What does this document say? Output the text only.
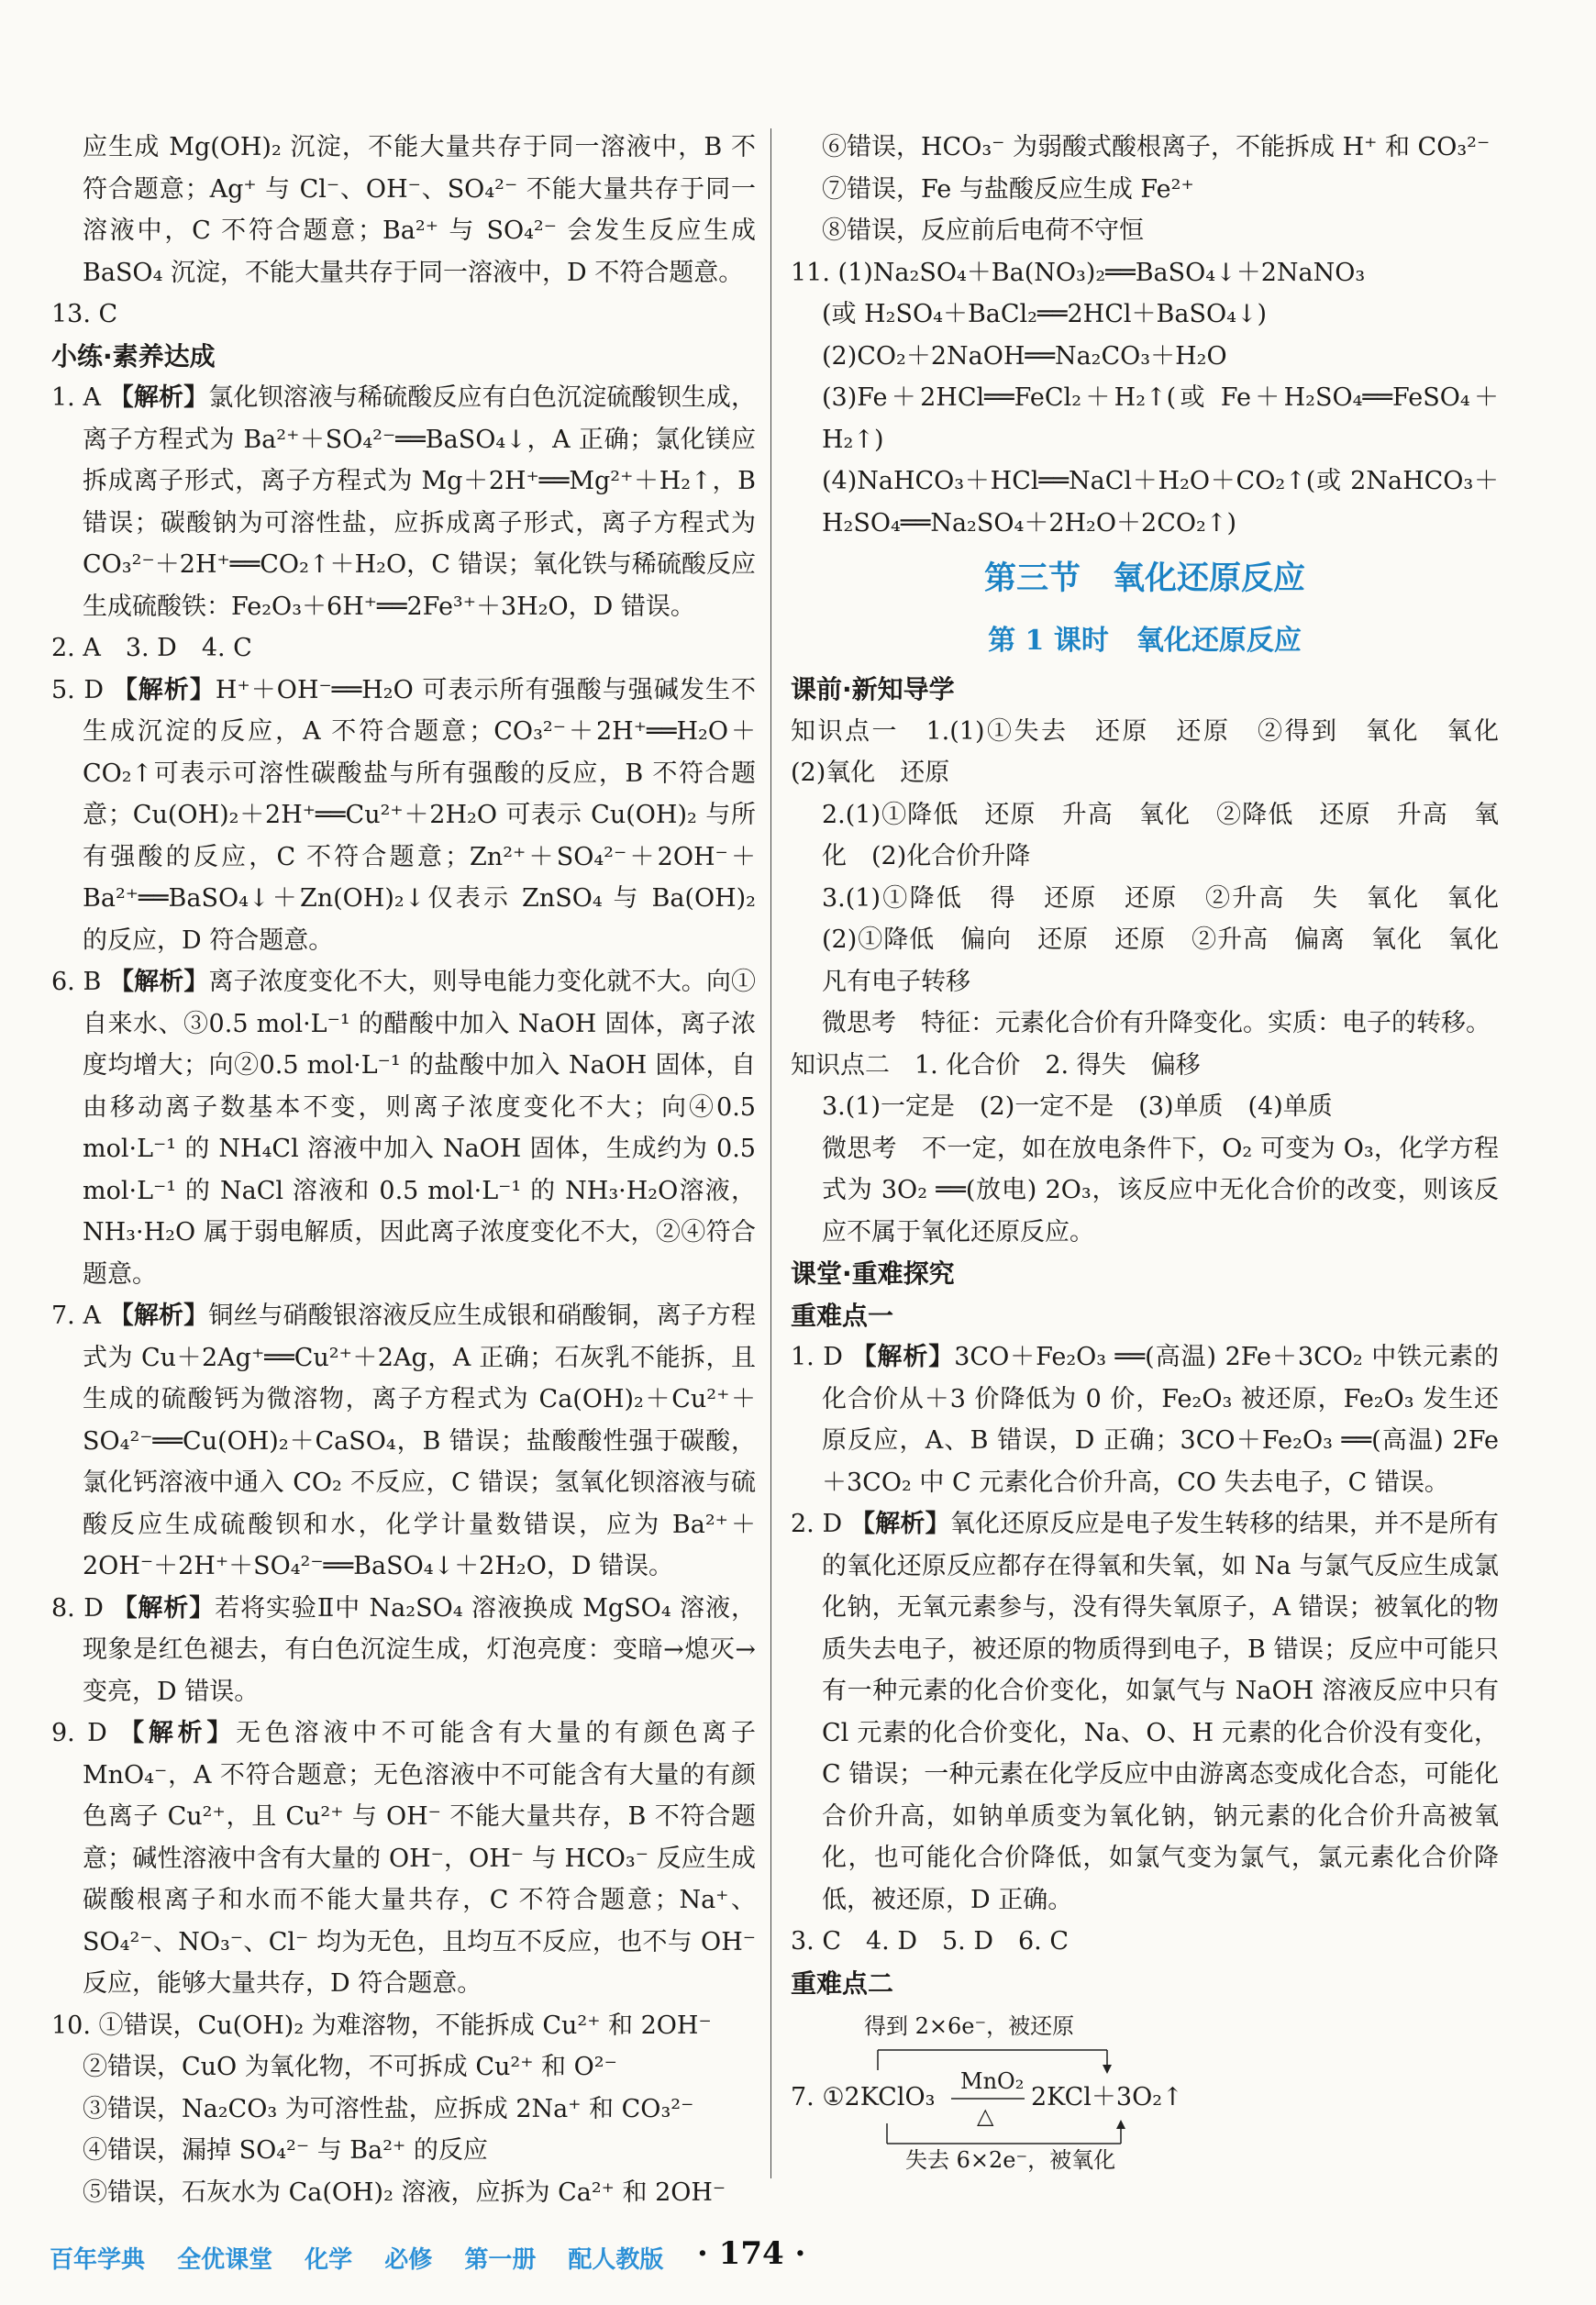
应生成 Mg(OH)₂ 沉淀，不能大量共存于同一溶液中，B 不符合题意；Ag⁺ 与 Cl⁻、OH⁻、SO₄²⁻ 不能大量共存于同一溶液中，C 不符合题意；Ba²⁺ 与 SO₄²⁻ 会发生反应生成 BaSO₄ 沉淀，不能大量共存于同一溶液中，D 不符合题意。

13. C

小练·素养达成

1. A 【解析】氯化钡溶液与稀硫酸反应有白色沉淀硫酸钡生成，离子方程式为 Ba²⁺＋SO₄²⁻══BaSO₄↓，A 正确；氯化镁应拆成离子形式，离子方程式为 Mg＋2H⁺══Mg²⁺＋H₂↑，B 错误；碳酸钠为可溶性盐，应拆成离子形式，离子方程式为 CO₃²⁻＋2H⁺══CO₂↑＋H₂O，C 错误；氧化铁与稀硫酸反应生成硫酸铁：Fe₂O₃＋6H⁺══2Fe³⁺＋3H₂O，D 错误。

2. A　3. D　4. C

5. D 【解析】H⁺＋OH⁻══H₂O 可表示所有强酸与强碱发生不生成沉淀的反应，A 不符合题意；CO₃²⁻＋2H⁺══H₂O＋CO₂↑可表示可溶性碳酸盐与所有强酸的反应，B 不符合题意；Cu(OH)₂＋2H⁺══Cu²⁺＋2H₂O 可表示 Cu(OH)₂ 与所有强酸的反应，C 不符合题意；Zn²⁺＋SO₄²⁻＋2OH⁻＋Ba²⁺══BaSO₄↓＋Zn(OH)₂↓仅表示 ZnSO₄ 与 Ba(OH)₂ 的反应，D 符合题意。

6. B 【解析】离子浓度变化不大，则导电能力变化就不大。向①自来水、③0.5 mol·L⁻¹ 的醋酸中加入 NaOH 固体，离子浓度均增大；向②0.5 mol·L⁻¹ 的盐酸中加入 NaOH 固体，自由移动离子数基本不变，则离子浓度变化不大；向④0.5 mol·L⁻¹ 的 NH₄Cl 溶液中加入 NaOH 固体，生成约为 0.5 mol·L⁻¹ 的 NaCl 溶液和 0.5 mol·L⁻¹ 的 NH₃·H₂O溶液，NH₃·H₂O 属于弱电解质，因此离子浓度变化不大，②④符合题意。

7. A 【解析】铜丝与硝酸银溶液反应生成银和硝酸铜，离子方程式为 Cu＋2Ag⁺══Cu²⁺＋2Ag，A 正确；石灰乳不能拆，且生成的硫酸钙为微溶物，离子方程式为 Ca(OH)₂＋Cu²⁺＋SO₄²⁻══Cu(OH)₂＋CaSO₄，B 错误；盐酸酸性强于碳酸，氯化钙溶液中通入 CO₂ 不反应，C 错误；氢氧化钡溶液与硫酸反应生成硫酸钡和水，化学计量数错误，应为 Ba²⁺＋2OH⁻＋2H⁺＋SO₄²⁻══BaSO₄↓＋2H₂O，D 错误。

8. D 【解析】若将实验Ⅱ中 Na₂SO₄ 溶液换成 MgSO₄ 溶液，现象是红色褪去，有白色沉淀生成，灯泡亮度：变暗→熄灭→变亮，D 错误。

9. D 【解析】无色溶液中不可能含有大量的有颜色离子 MnO₄⁻，A 不符合题意；无色溶液中不可能含有大量的有颜色离子 Cu²⁺，且 Cu²⁺ 与 OH⁻ 不能大量共存，B 不符合题意；碱性溶液中含有大量的 OH⁻，OH⁻ 与 HCO₃⁻ 反应生成碳酸根离子和水而不能大量共存，C 不符合题意；Na⁺、SO₄²⁻、NO₃⁻、Cl⁻ 均为无色，且均互不反应，也不与 OH⁻ 反应，能够大量共存，D 符合题意。

10. ①错误，Cu(OH)₂ 为难溶物，不能拆成 Cu²⁺ 和 2OH⁻

②错误，CuO 为氧化物，不可拆成 Cu²⁺ 和 O²⁻

③错误，Na₂CO₃ 为可溶性盐，应拆成 2Na⁺ 和 CO₃²⁻

④错误，漏掉 SO₄²⁻ 与 Ba²⁺ 的反应

⑤错误，石灰水为 Ca(OH)₂ 溶液，应拆为 Ca²⁺ 和 2OH⁻

⑥错误，HCO₃⁻ 为弱酸式酸根离子，不能拆成 H⁺ 和 CO₃²⁻

⑦错误，Fe 与盐酸反应生成 Fe²⁺

⑧错误，反应前后电荷不守恒

11. (1)Na₂SO₄＋Ba(NO₃)₂══BaSO₄↓＋2NaNO₃

(或 H₂SO₄＋BaCl₂══2HCl＋BaSO₄↓)

(2)CO₂＋2NaOH══Na₂CO₃＋H₂O

(3)Fe＋2HCl══FeCl₂＋H₂↑(或 Fe＋H₂SO₄══FeSO₄＋H₂↑)

(4)NaHCO₃＋HCl══NaCl＋H₂O＋CO₂↑(或 2NaHCO₃＋H₂SO₄══Na₂SO₄＋2H₂O＋2CO₂↑)

第三节　氧化还原反应

第 1 课时　氧化还原反应

课前·新知导学

知识点一　1.(1)①失去　还原　还原　②得到　氧化　氧化　(2)氧化　还原

2.(1)①降低　还原　升高　氧化　②降低　还原　升高　氧化　(2)化合价升降

3.(1)①降低　得　还原　还原　②升高　失　氧化　氧化　(2)①降低　偏向　还原　还原　②升高　偏离　氧化　氧化　凡有电子转移

微思考　特征：元素化合价有升降变化。实质：电子的转移。

知识点二　1. 化合价　2. 得失　偏移

3.(1)一定是　(2)一定不是　(3)单质　(4)单质

微思考　不一定，如在放电条件下，O₂ 可变为 O₃，化学方程式为 3O₂ ══(放电) 2O₃，该反应中无化合价的改变，则该反应不属于氧化还原反应。

课堂·重难探究

重难点一

1. D 【解析】3CO＋Fe₂O₃ ══(高温) 2Fe＋3CO₂ 中铁元素的化合价从＋3 价降低为 0 价，Fe₂O₃ 被还原，Fe₂O₃ 发生还原反应，A、B 错误，D 正确；3CO＋Fe₂O₃ ══(高温) 2Fe＋3CO₂ 中 C 元素化合价升高，CO 失去电子，C 错误。

2. D 【解析】氧化还原反应是电子发生转移的结果，并不是所有的氧化还原反应都存在得氧和失氧，如 Na 与氯气反应生成氯化钠，无氧元素参与，没有得失氧原子，A 错误；被氧化的物质失去电子，被还原的物质得到电子，B 错误；反应中可能只有一种元素的化合价变化，如氯气与 NaOH 溶液反应中只有 Cl 元素的化合价变化，Na、O、H 元素的化合价没有变化，C 错误；一种元素在化学反应中由游离态变成化合态，可能化合价升高，如钠单质变为氧化钠，钠元素的化合价升高被氧化，也可能化合价降低，如氯气变为氯气，氯元素化合价降低，被还原，D 正确。

3. C　4. D　5. D　6. C

重难点二

得到 2×6e⁻，被还原
MnO₂
7. ①2KClO₃
△
2KCl＋3O₂↑
失去 6×2e⁻，被氧化
百年学典 全优课堂 化学 必修 第一册 配人教版	· 174 ·
